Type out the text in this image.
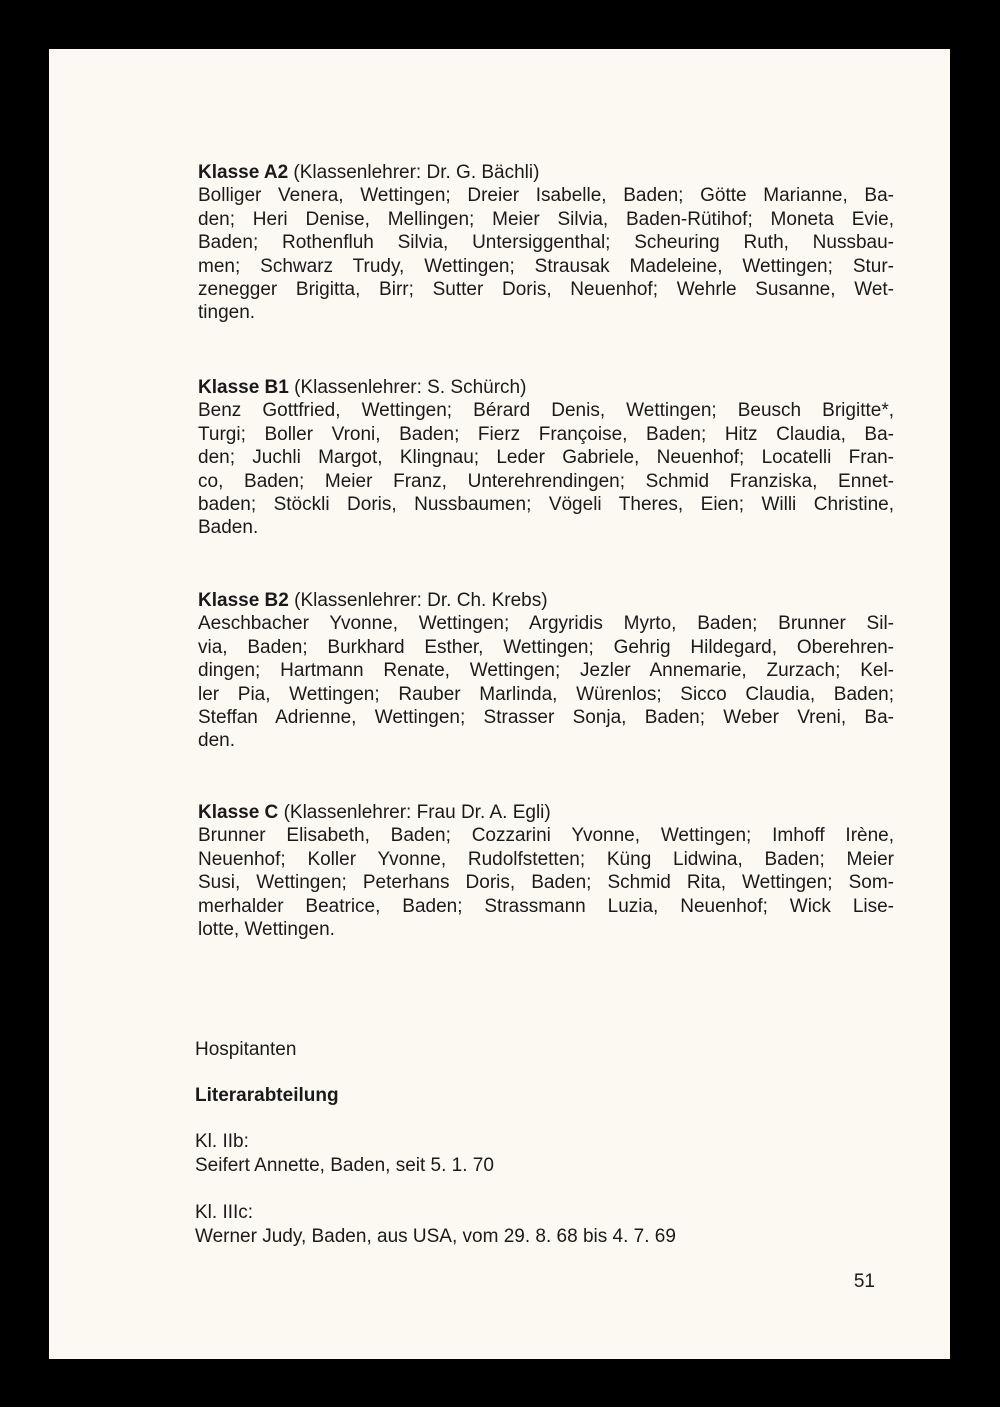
Klasse A2 (Klassenlehrer: Dr. G. Bächli)
Bolliger Venera, Wettingen; Dreier Isabelle, Baden; Götte Marianne, Ba-
den; Heri Denise, Mellingen; Meier Silvia, Baden-Rütihof; Moneta Evie,
Baden; Rothenfluh Silvia, Untersiggenthal; Scheuring Ruth, Nussbau-
men; Schwarz Trudy, Wettingen; Strausak Madeleine, Wettingen; Stur-
zenegger Brigitta, Birr; Sutter Doris, Neuenhof; Wehrle Susanne, Wet-
tingen.
Klasse B1 (Klassenlehrer: S. Schürch)
Benz Gottfried, Wettingen; Bérard Denis, Wettingen; Beusch Brigitte*,
Turgi; Boller Vroni, Baden; Fierz Françoise, Baden; Hitz Claudia, Ba-
den; Juchli Margot, Klingnau; Leder Gabriele, Neuenhof; Locatelli Fran-
co, Baden; Meier Franz, Unterehrendingen; Schmid Franziska, Ennet-
baden; Stöckli Doris, Nussbaumen; Vögeli Theres, Eien; Willi Christine,
Baden.
Klasse B2 (Klassenlehrer: Dr. Ch. Krebs)
Aeschbacher Yvonne, Wettingen; Argyridis Myrto, Baden; Brunner Sil-
via, Baden; Burkhard Esther, Wettingen; Gehrig Hildegard, Oberehren-
dingen; Hartmann Renate, Wettingen; Jezler Annemarie, Zurzach; Kel-
ler Pia, Wettingen; Rauber Marlinda, Würenlos; Sicco Claudia, Baden;
Steffan Adrienne, Wettingen; Strasser Sonja, Baden; Weber Vreni, Ba-
den.
Klasse C (Klassenlehrer: Frau Dr. A. Egli)
Brunner Elisabeth, Baden; Cozzarini Yvonne, Wettingen; Imhoff Irène,
Neuenhof; Koller Yvonne, Rudolfstetten; Küng Lidwina, Baden; Meier
Susi, Wettingen; Peterhans Doris, Baden; Schmid Rita, Wettingen; Som-
merhalder Beatrice, Baden; Strassmann Luzia, Neuenhof; Wick Lise-
lotte, Wettingen.
Hospitanten
Literarabteilung
Kl. IIb:
Seifert Annette, Baden, seit 5. 1. 70
Kl. IIIc:
Werner Judy, Baden, aus USA, vom 29. 8. 68 bis 4. 7. 69
51
